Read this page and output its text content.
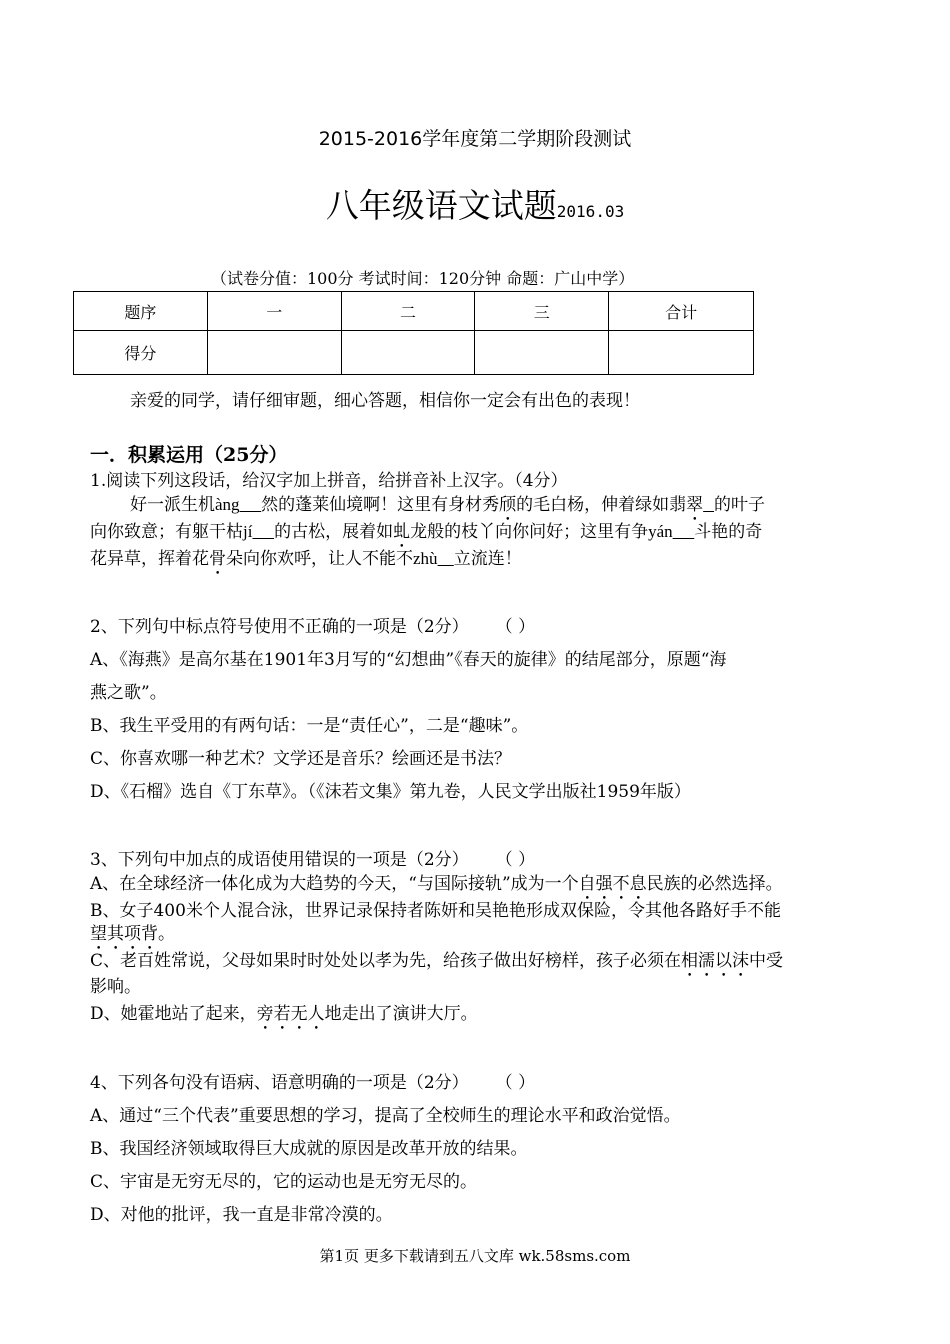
2015-2016学年度第二学期阶段测试
八年级语文试题2016.03
（试卷分值：100分 考试时间：120分钟 命题：广山中学）
题序	一	二	三	合计
得分				
亲爱的同学，请仔细审题，细心答题，相信你一定会有出色的表现！
一．积累运用（25分）
1.阅读下列这段话，给汉字加上拼音，给拼音补上汉字。（4分）
好一派生机àng 然的蓬莱仙境啊！这里有身材秀颀的毛白杨，伸着绿如翡翠 的叶子
向你致意；有躯干枯jí 的古松，展着如虬龙般的枝丫向你问好；这里有争yán 斗艳的奇
花异草，挥着花骨朵向你欢呼，让人不能不zhù 立流连！
2、下列句中标点符号使用不正确的一项是（2分） （ ）
A、《海燕》是高尔基在1901年3月写的“幻想曲”《春天的旋律》的结尾部分，原题“海
燕之歌”。
B、我生平受用的有两句话：一是“责任心”，二是“趣味”。
C、你喜欢哪一种艺术？文学还是音乐？绘画还是书法？
D、《石榴》选自《丁东草》。（《沫若文集》第九卷，人民文学出版社1959年版）
3、下列句中加点的成语使用错误的一项是（2分） （ ）
A、在全球经济一体化成为大趋势的今天，“与国际接轨”成为一个自强不息民族的必然选择。
B、女子400米个人混合泳，世界记录保持者陈妍和吴艳艳形成双保险，令其他各路好手不能
望其项背。
C、老百姓常说，父母如果时时处处以孝为先，给孩子做出好榜样，孩子必须在相濡以沫中受
影响。
D、她霍地站了起来，旁若无人地走出了演讲大厅。
4、下列各句没有语病、语意明确的一项是（2分） （ ）
A、通过“三个代表”重要思想的学习，提高了全校师生的理论水平和政治觉悟。
B、我国经济领域取得巨大成就的原因是改革开放的结果。
C、宇宙是无穷无尽的，它的运动也是无穷无尽的。
D、对他的批评，我一直是非常冷漠的。
第1页 更多下载请到五八文库 wk.58sms.com
